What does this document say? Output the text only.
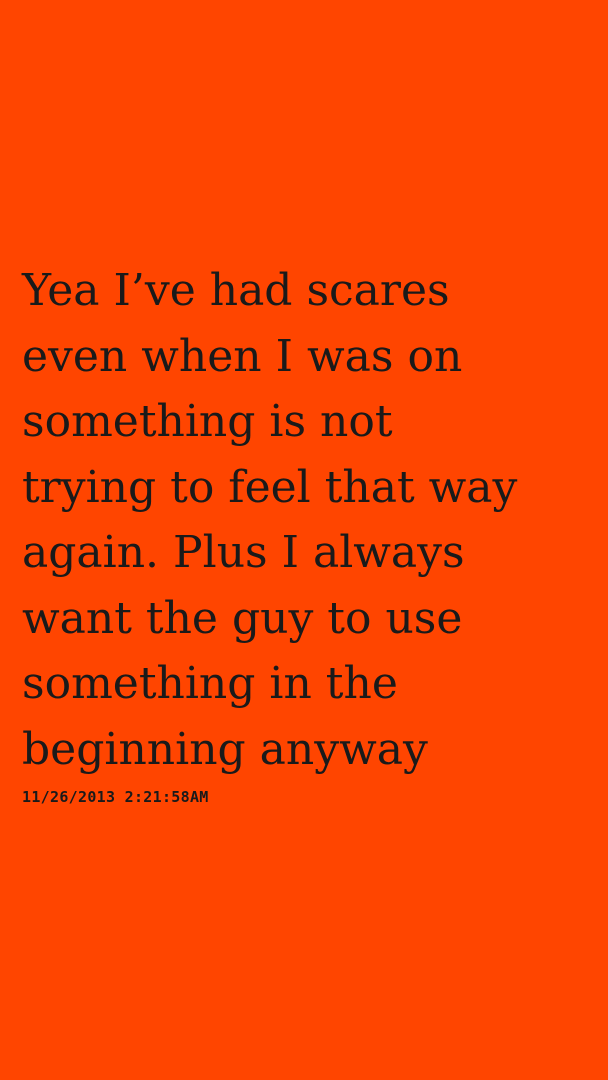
Yea I’ve had scares
even when I was on
something is not
trying to feel that way
again. Plus I always
want the guy to use
something in the
beginning anyway

11/26/2013 2:21:58AM
